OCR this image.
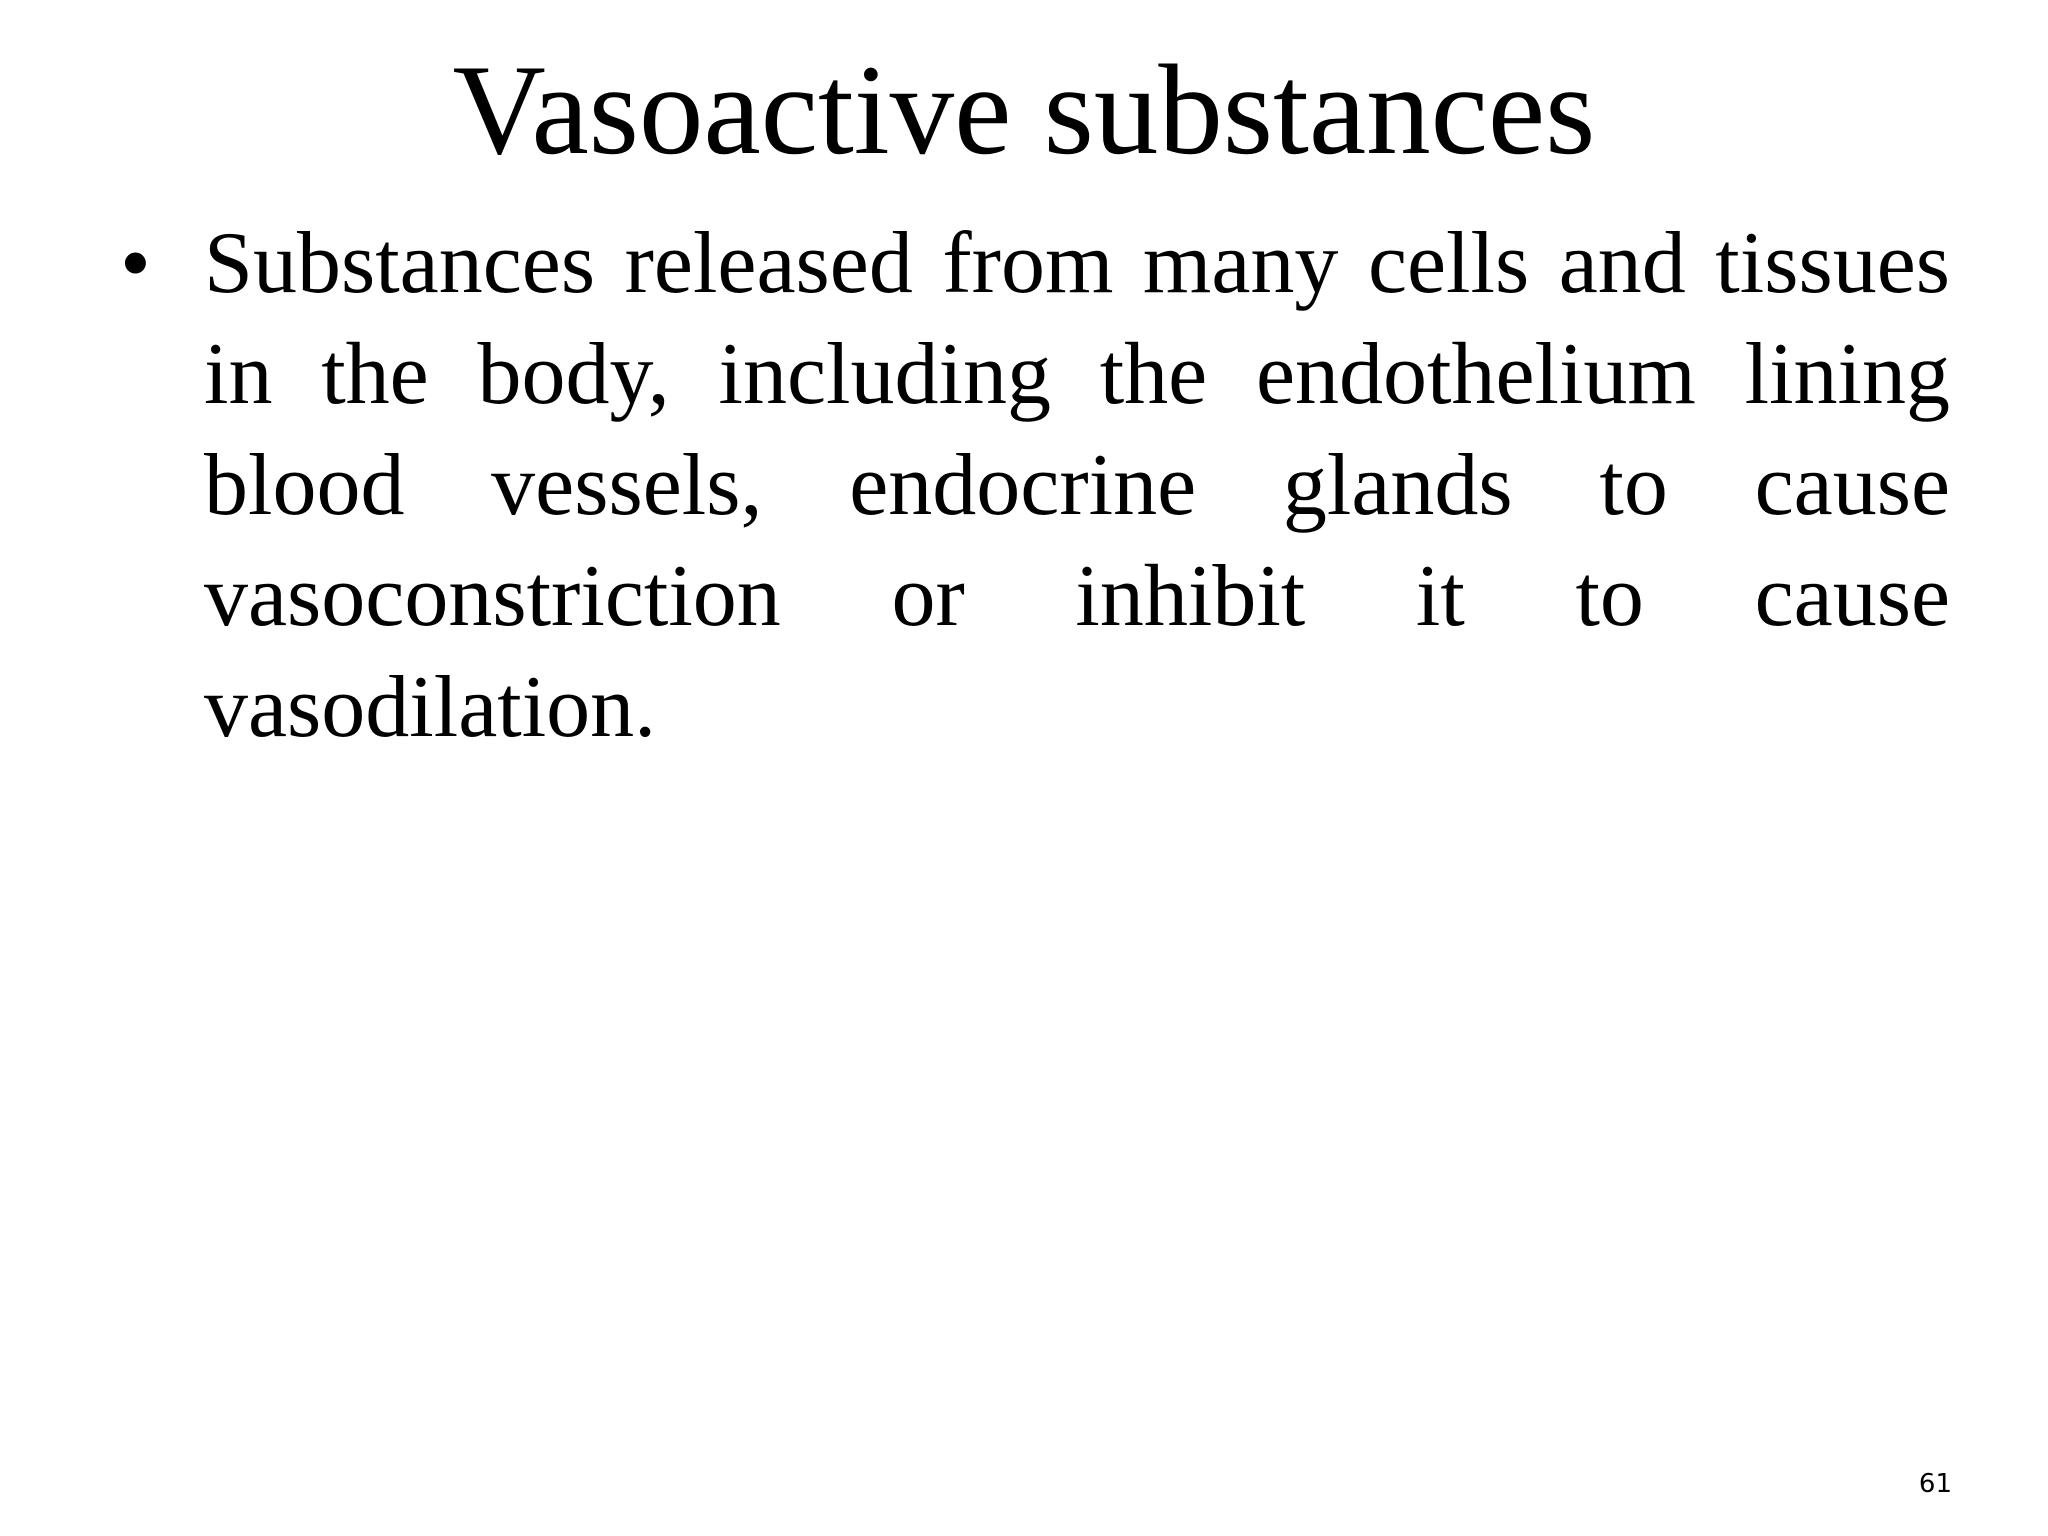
Vasoactive substances
• Substances released from many cells and tissues in the body, including the endothelium lining blood vessels, endocrine glands to cause vasoconstriction or inhibit it to cause vasodilation.
61
